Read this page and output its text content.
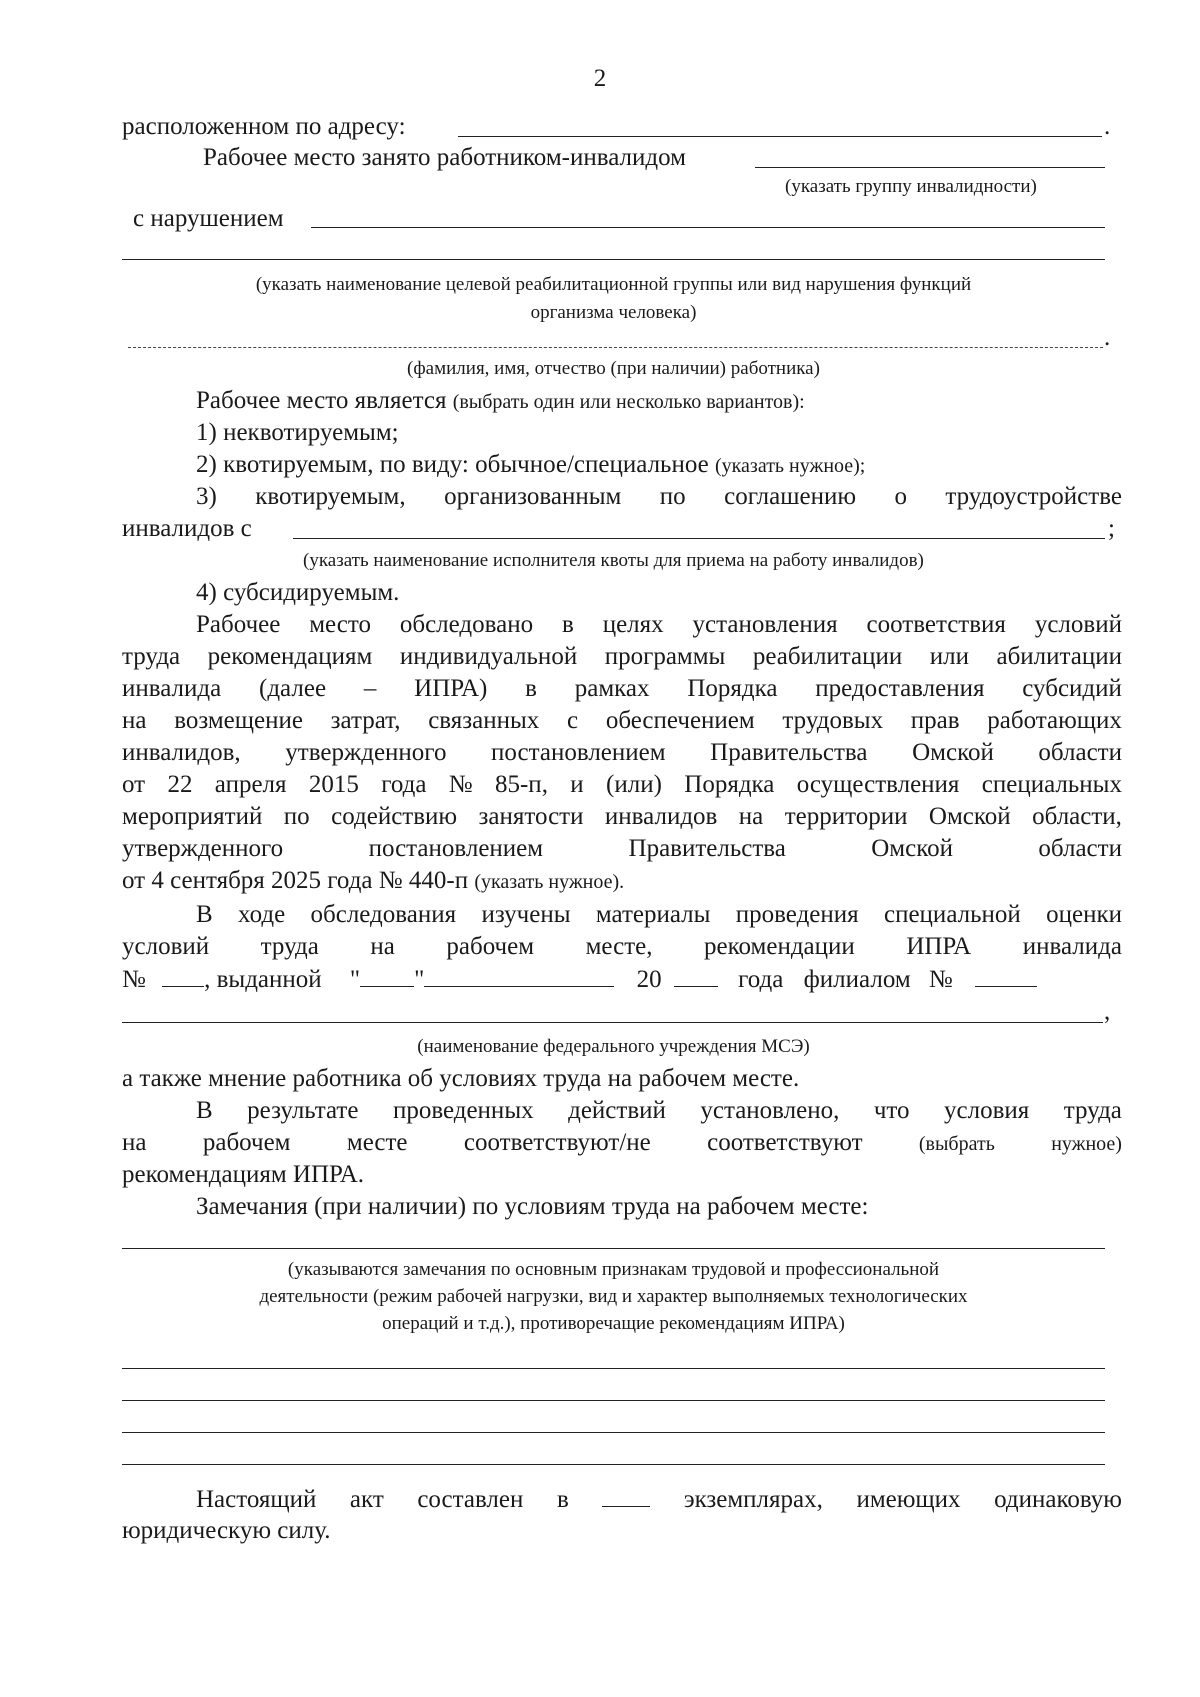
2
расположенном по адресу:	.
Рабочее место занято работником-инвалидом
(указать группу инвалидности)
с нарушением
(указать наименование целевой реабилитационной группы или вид нарушения функций
организма человека)
.
(фамилия, имя, отчество (при наличии) работника)
Рабочее место является (выбрать один или несколько вариантов):
1) неквотируемым;
2) квотируемым, по виду: обычное/специальное (указать нужное);
3) квотируемым, организованным по соглашению о трудоустройстве
инвалидов с	;
(указать наименование исполнителя квоты для приема на работу инвалидов)
4) субсидируемым.
Рабочее место обследовано в целях установления соответствия условий
труда рекомендациям индивидуальной программы реабилитации или абилитации
инвалида (далее – ИПРА) в рамках Порядка предоставления субсидий
на возмещение затрат, связанных с обеспечением трудовых прав работающих
инвалидов, утвержденного постановлением Правительства Омской области
от 22 апреля 2015 года № 85-п, и (или) Порядка осуществления специальных
мероприятий по содействию занятости инвалидов на территории Омской области,
утвержденного	постановлением	Правительства	Омской	области
от 4 сентября 2025 года № 440-п (указать нужное).
В ходе обследования изучены материалы проведения специальной оценки
условий труда на рабочем месте, рекомендации ИПРА инвалида
№ , выданной " "	20	года филиалом №
,
(наименование федерального учреждения МСЭ)
а также мнение работника об условиях труда на рабочем месте.
В результате проведенных действий установлено, что условия труда
на рабочем месте соответствуют/не соответствуют	(выбрать	нужное)
рекомендациям ИПРА.
Замечания (при наличии) по условиям труда на рабочем месте:
(указываются замечания по основным признакам трудовой и профессиональной
деятельности (режим рабочей нагрузки, вид и характер выполняемых технологических
операций и т.д.), противоречащие рекомендациям ИПРА)
Настоящий акт составлен в	экземплярах, имеющих одинаковую
юридическую силу.
